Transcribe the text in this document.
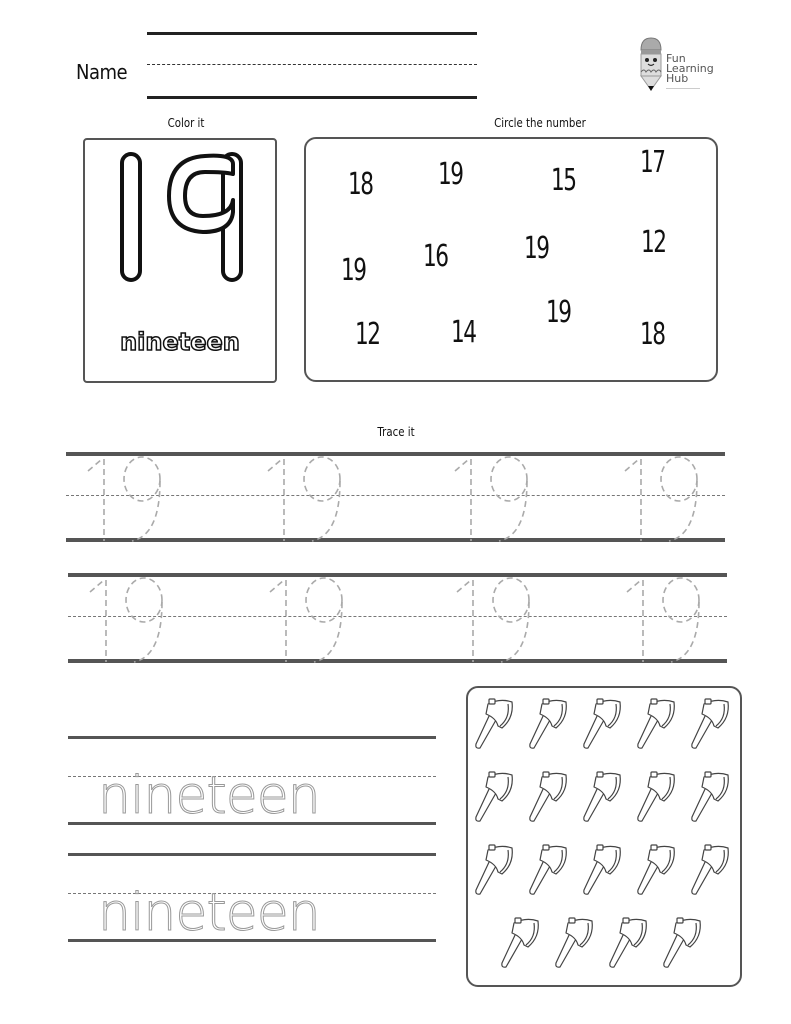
Name
Fun
Learning
Hub
Color it
nineteen
Circle the number
18 19	15
17
19 16	19	12
12 14
19
18
Trace it
nineteen
nineteen
